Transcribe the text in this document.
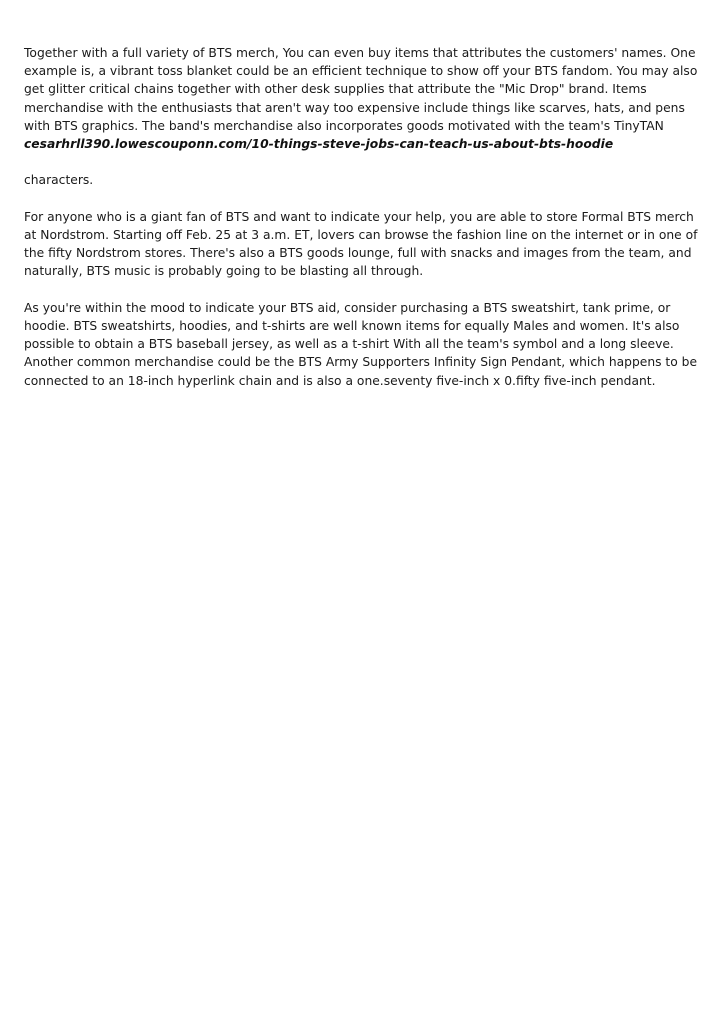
Together with a full variety of BTS merch, You can even buy items that attributes the customers' names. One example is, a vibrant toss blanket could be an efficient technique to show off your BTS fandom. You may also get glitter critical chains together with other desk supplies that attribute the "Mic Drop" brand. Items merchandise with the enthusiasts that aren't way too expensive include things like scarves, hats, and pens with BTS graphics. The band's merchandise also incorporates goods motivated with the team's TinyTAN
cesarhrll390.lowescouponn.com/10-things-steve-jobs-can-teach-us-about-bts-hoodie

characters.

For anyone who is a giant fan of BTS and want to indicate your help, you are able to store Formal BTS merch at Nordstrom. Starting off Feb. 25 at 3 a.m. ET, lovers can browse the fashion line on the internet or in one of the fifty Nordstrom stores. There's also a BTS goods lounge, full with snacks and images from the team, and naturally, BTS music is probably going to be blasting all through.

As you're within the mood to indicate your BTS aid, consider purchasing a BTS sweatshirt, tank prime, or hoodie. BTS sweatshirts, hoodies, and t-shirts are well known items for equally Males and women. It's also possible to obtain a BTS baseball jersey, as well as a t-shirt With all the team's symbol and a long sleeve. Another common merchandise could be the BTS Army Supporters Infinity Sign Pendant, which happens to be connected to an 18-inch hyperlink chain and is also a one.seventy five-inch x 0.fifty five-inch pendant.
